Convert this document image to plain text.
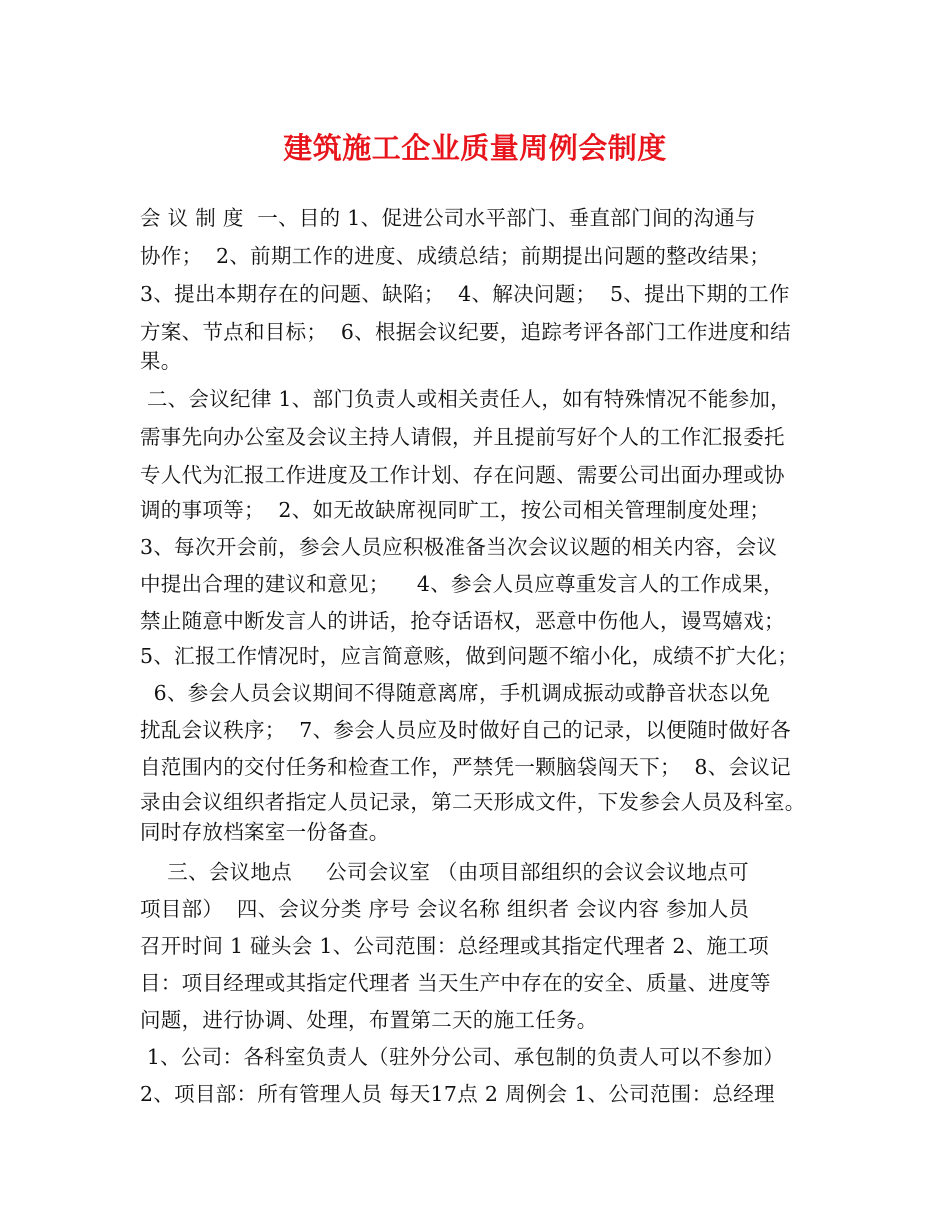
建筑施工企业质量周例会制度
会 议 制 度  一、目的 1、促进公司水平部门、垂直部门间的沟通与
协作；  2、前期工作的进度、成绩总结；前期提出问题的整改结果；
3、提出本期存在的问题、缺陷；  4、解决问题；  5、提出下期的工作
方案、节点和目标；  6、根据会议纪要，追踪考评各部门工作进度和结
果。
二、会议纪律 1、部门负责人或相关责任人，如有特殊情况不能参加，
需事先向办公室及会议主持人请假，并且提前写好个人的工作汇报委托
专人代为汇报工作进度及工作计划、存在问题、需要公司出面办理或协
调的事项等；  2、如无故缺席视同旷工，按公司相关管理制度处理；
3、每次开会前，参会人员应积极准备当次会议议题的相关内容，会议
中提出合理的建议和意见；    4、参会人员应尊重发言人的工作成果，
禁止随意中断发言人的讲话，抢夺话语权，恶意中伤他人，谩骂嬉戏；
5、汇报工作情况时，应言简意赅，做到问题不缩小化，成绩不扩大化；
6、参会人员会议期间不得随意离席，手机调成振动或静音状态以免
扰乱会议秩序；  7、参会人员应及时做好自己的记录，以便随时做好各
自范围内的交付任务和检查工作，严禁凭一颗脑袋闯天下；  8、会议记
录由会议组织者指定人员记录，第二天形成文件，下发参会人员及科室。
同时存放档案室一份备查。
三、会议地点     公司会议室 （由项目部组织的会议会议地点可
项目部）  四、会议分类 序号 会议名称 组织者 会议内容 参加人员
召开时间 1 碰头会 1、公司范围：总经理或其指定代理者 2、施工项
目：项目经理或其指定代理者 当天生产中存在的安全、质量、进度等
问题，进行协调、处理，布置第二天的施工任务。
1、公司：各科室负责人（驻外分公司、承包制的负责人可以不参加）
2、项目部：所有管理人员 每天17点 2 周例会 1、公司范围：总经理
